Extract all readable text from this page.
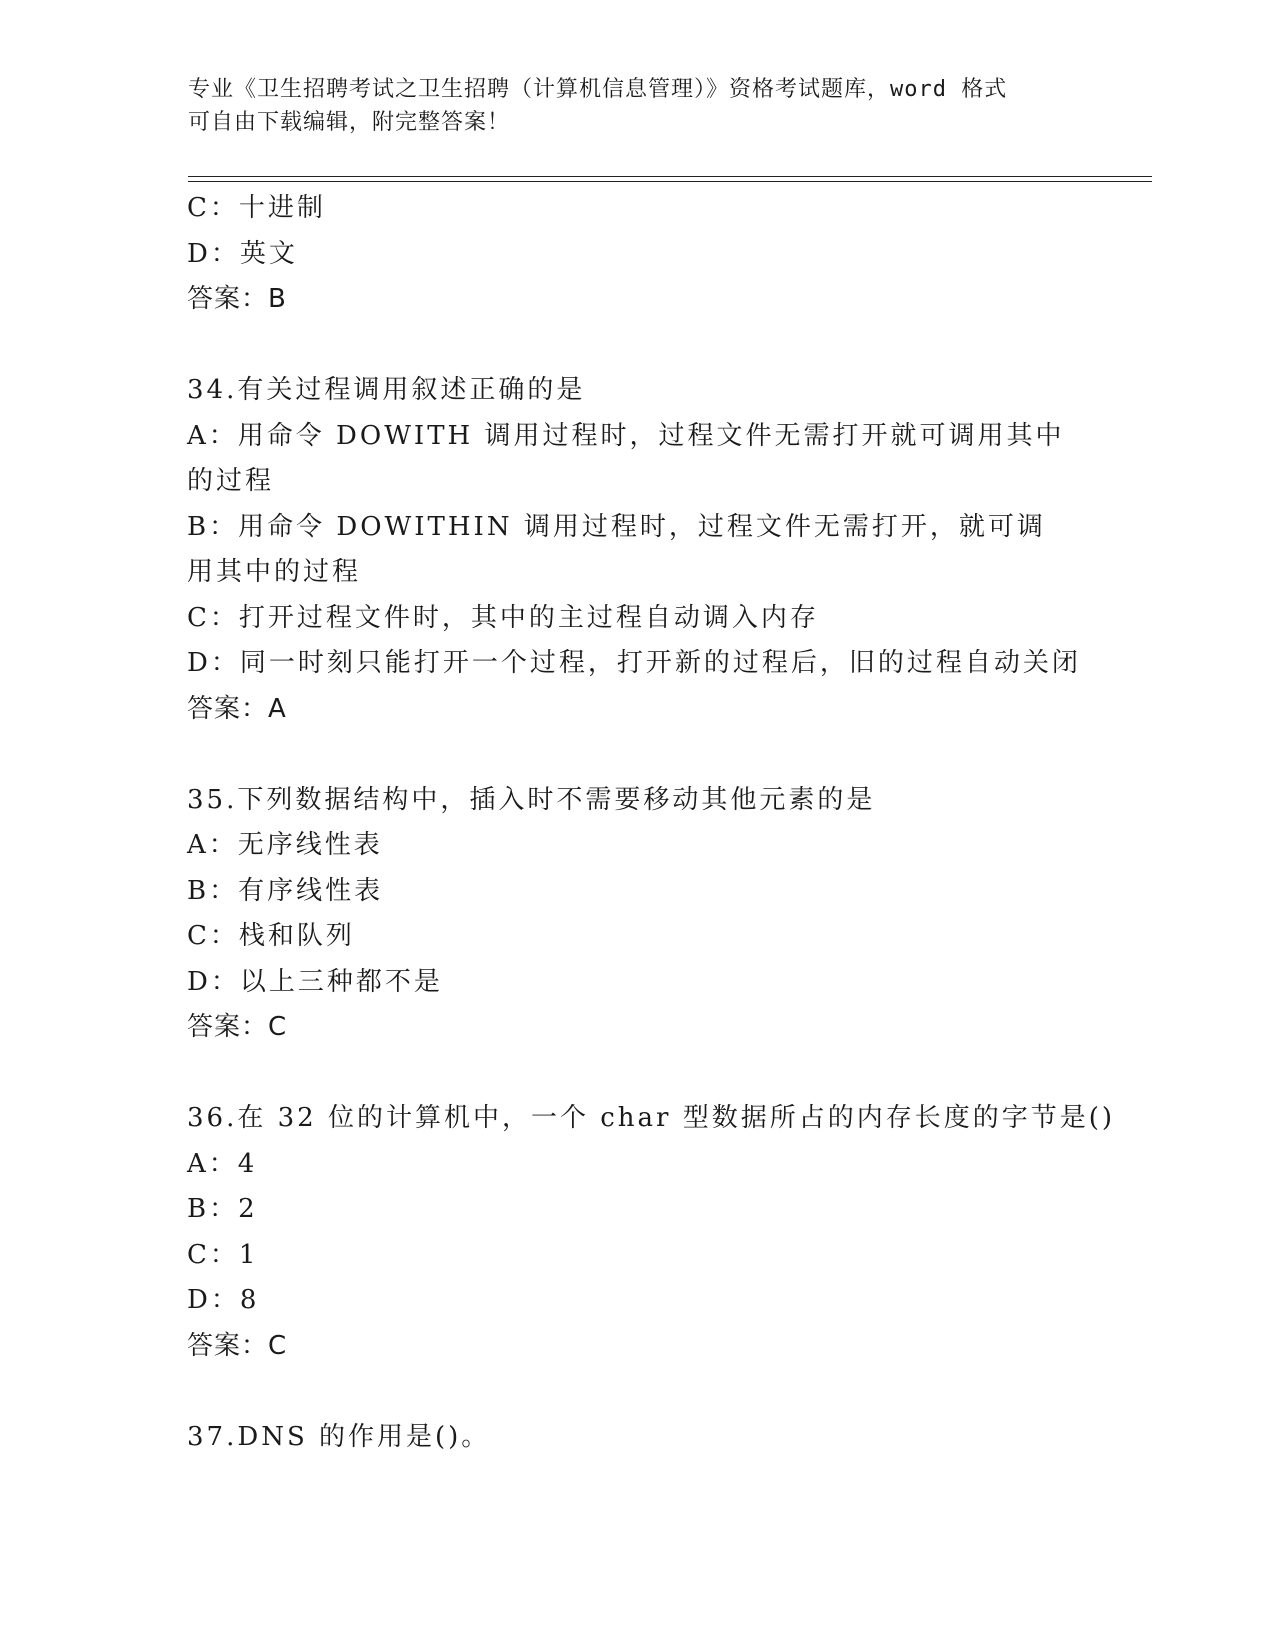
专业《卫生招聘考试之卫生招聘（计算机信息管理）》资格考试题库，word 格式
可自由下载编辑，附完整答案！
C：十进制
D：英文
答案：B
34.有关过程调用叙述正确的是
A：用命令 DOWITH 调用过程时，过程文件无需打开就可调用其中的过程
B：用命令 DOWITHIN 调用过程时，过程文件无需打开，就可调用其中的过程
C：打开过程文件时，其中的主过程自动调入内存
D：同一时刻只能打开一个过程，打开新的过程后，旧的过程自动关闭
答案：A
35.下列数据结构中，插入时不需要移动其他元素的是
A：无序线性表
B：有序线性表
C：栈和队列
D：以上三种都不是
答案：C
36.在 32 位的计算机中，一个 char 型数据所占的内存长度的字节是()
A：4
B：2
C：1
D：8
答案：C
37.DNS 的作用是()。
